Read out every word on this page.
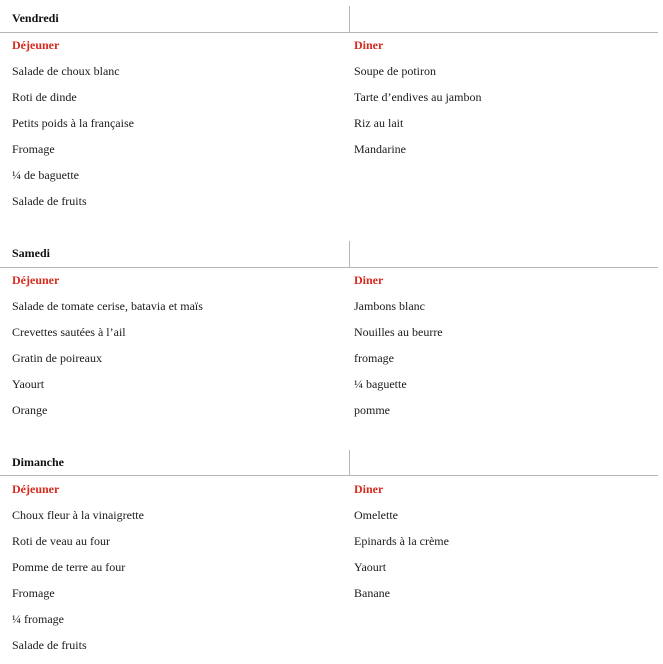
Vendredi
Déjeuner
Salade de choux blanc
Roti de dinde
Petits poids à la française
Fromage
¼ de baguette
Salade de fruits
Diner
Soupe de potiron
Tarte d’endives au jambon
Riz au lait
Mandarine
Samedi
Déjeuner
Salade de tomate cerise, batavia et maïs
Crevettes sautées à l’ail
Gratin de poireaux
Yaourt
Orange
Diner
Jambons blanc
Nouilles au beurre
fromage
¼ baguette
pomme
Dimanche
Déjeuner
Choux fleur à la vinaigrette
Roti de veau au four
Pomme de terre au four
Fromage
¼ fromage
Salade de fruits
Diner
Omelette
Epinards à la crème
Yaourt
Banane
